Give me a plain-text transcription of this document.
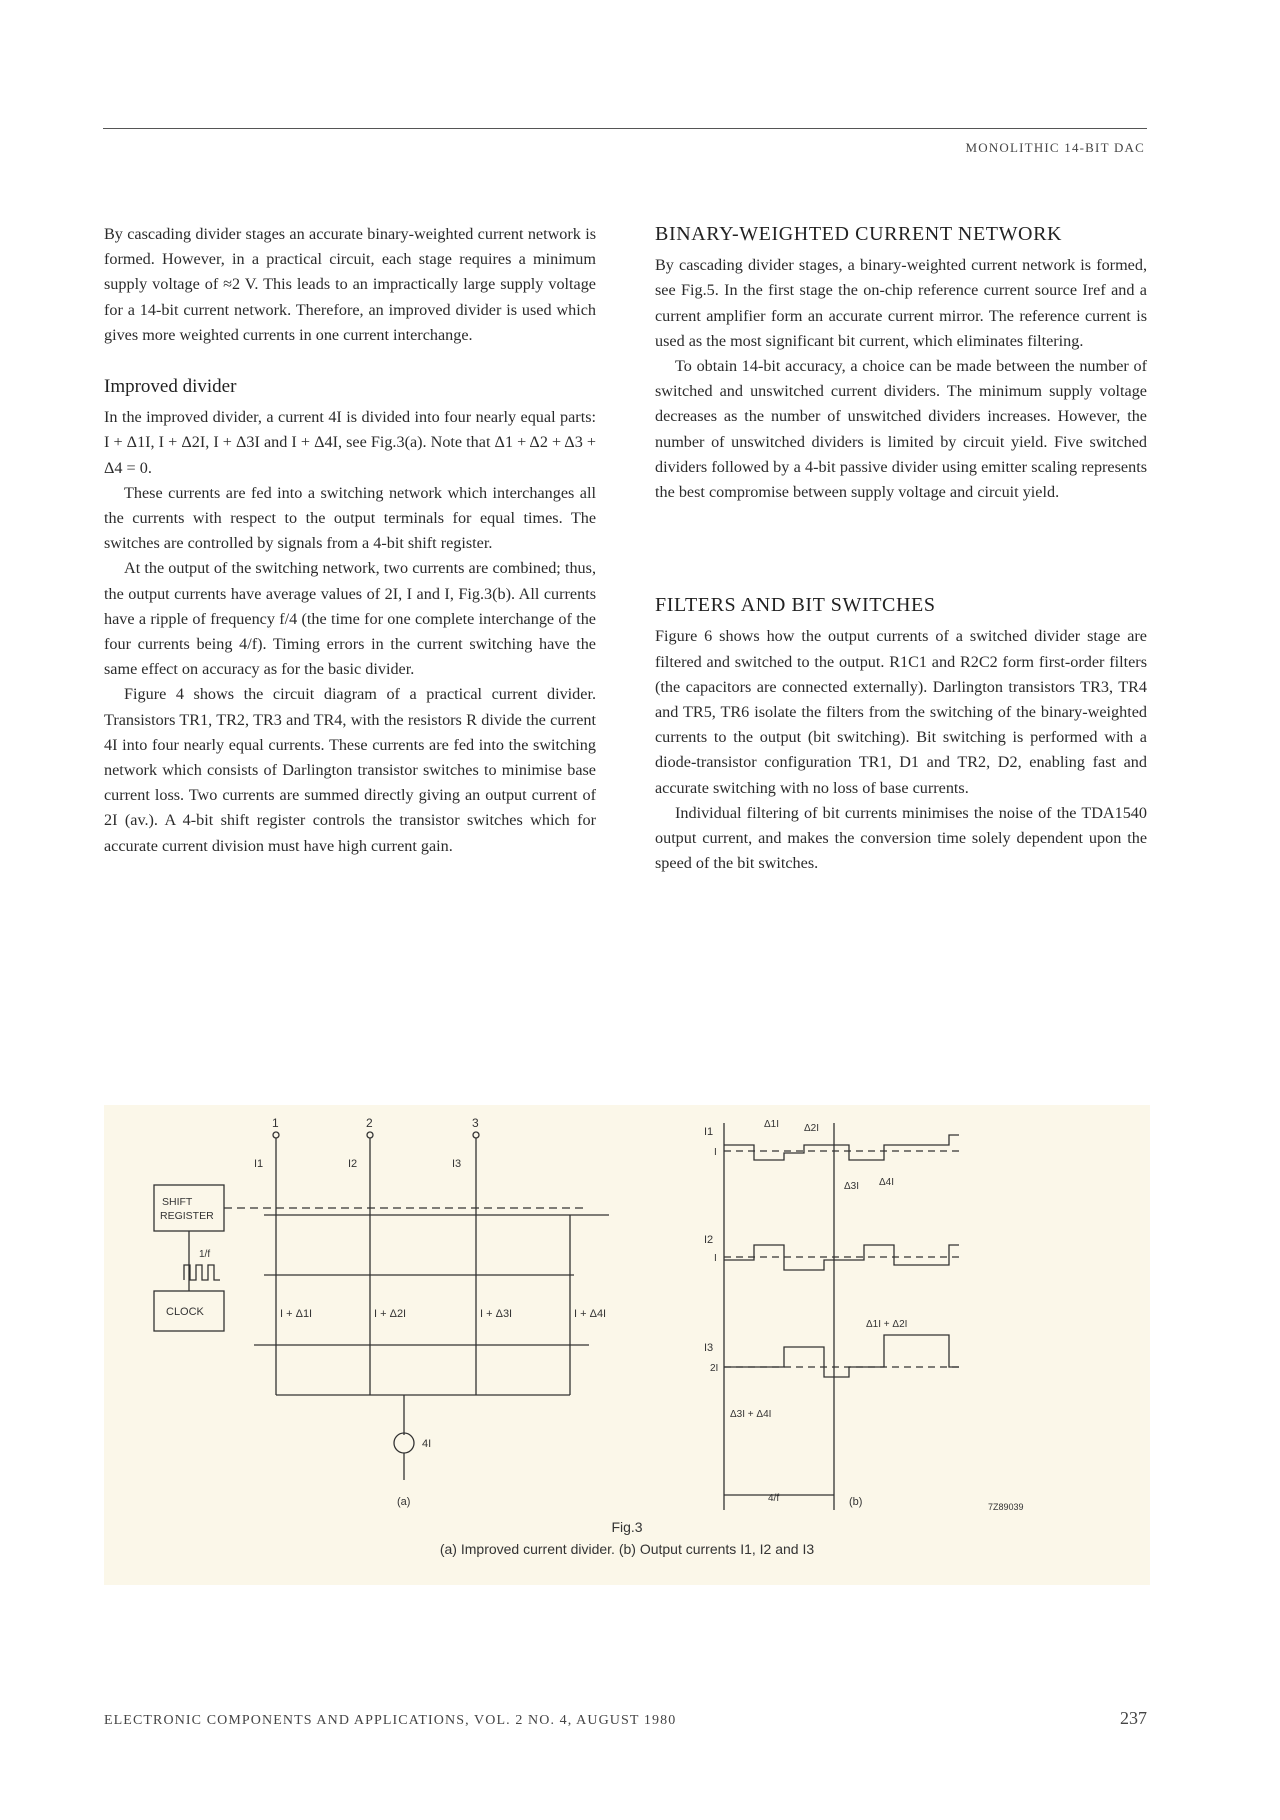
MONOLITHIC 14-BIT DAC

By cascading divider stages an accurate binary-weighted current network is formed. However, in a practical circuit, each stage requires a minimum supply voltage of ≈2 V. This leads to an impractically large supply voltage for a 14-bit current network. Therefore, an improved divider is used which gives more weighted currents in one current interchange.

Improved divider

In the improved divider, a current 4I is divided into four nearly equal parts: I + Δ1I, I + Δ2I, I + Δ3I and I + Δ4I, see Fig.3(a). Note that Δ1 + Δ2 + Δ3 + Δ4 = 0.

These currents are fed into a switching network which interchanges all the currents with respect to the output terminals for equal times. The switches are controlled by signals from a 4-bit shift register.

At the output of the switching network, two currents are combined; thus, the output currents have average values of 2I, I and I, Fig.3(b). All currents have a ripple of frequency f/4 (the time for one complete interchange of the four currents being 4/f). Timing errors in the current switching have the same effect on accuracy as for the basic divider.

Figure 4 shows the circuit diagram of a practical current divider. Transistors TR1, TR2, TR3 and TR4, with the resistors R divide the current 4I into four nearly equal currents. These currents are fed into the switching network which consists of Darlington transistor switches to minimise base current loss. Two currents are summed directly giving an output current of 2I (av.). A 4-bit shift register controls the transistor switches which for accurate current division must have high current gain.

BINARY-WEIGHTED CURRENT NETWORK

By cascading divider stages, a binary-weighted current network is formed, see Fig.5. In the first stage the on-chip reference current source Iref and a current amplifier form an accurate current mirror. The reference current is used as the most significant bit current, which eliminates filtering.

To obtain 14-bit accuracy, a choice can be made between the number of switched and unswitched current dividers. The minimum supply voltage decreases as the number of unswitched dividers increases. However, the number of unswitched dividers is limited by circuit yield. Five switched dividers followed by a 4-bit passive divider using emitter scaling represents the best compromise between supply voltage and circuit yield.

FILTERS AND BIT SWITCHES

Figure 6 shows how the output currents of a switched divider stage are filtered and switched to the output. R1C1 and R2C2 form first-order filters (the capacitors are connected externally). Darlington transistors TR3, TR4 and TR5, TR6 isolate the filters from the switching of the binary-weighted currents to the output (bit switching). Bit switching is performed with a diode-transistor configuration TR1, D1 and TR2, D2, enabling fast and accurate switching with no loss of base currents.

Individual filtering of bit currents minimises the noise of the TDA1540 output current, and makes the conversion time solely dependent upon the speed of the bit switches.

1	2	3
I1	I2	I3
SHIFT
REGISTER
CLOCK
1/f
I + Δ1I	I + Δ2I	I + Δ3I	I + Δ4I
4I
I1
I2
I3
I
I
2I
Δ1I Δ2I
Δ3I Δ4I
Δ1I + Δ2I
Δ3I + Δ4I
4/f
7Z89039
(a)	(b)
Fig.3
(a) Improved current divider. (b) Output currents I1, I2 and I3
ELECTRONIC COMPONENTS AND APPLICATIONS, VOL. 2 NO. 4, AUGUST 1980	237
